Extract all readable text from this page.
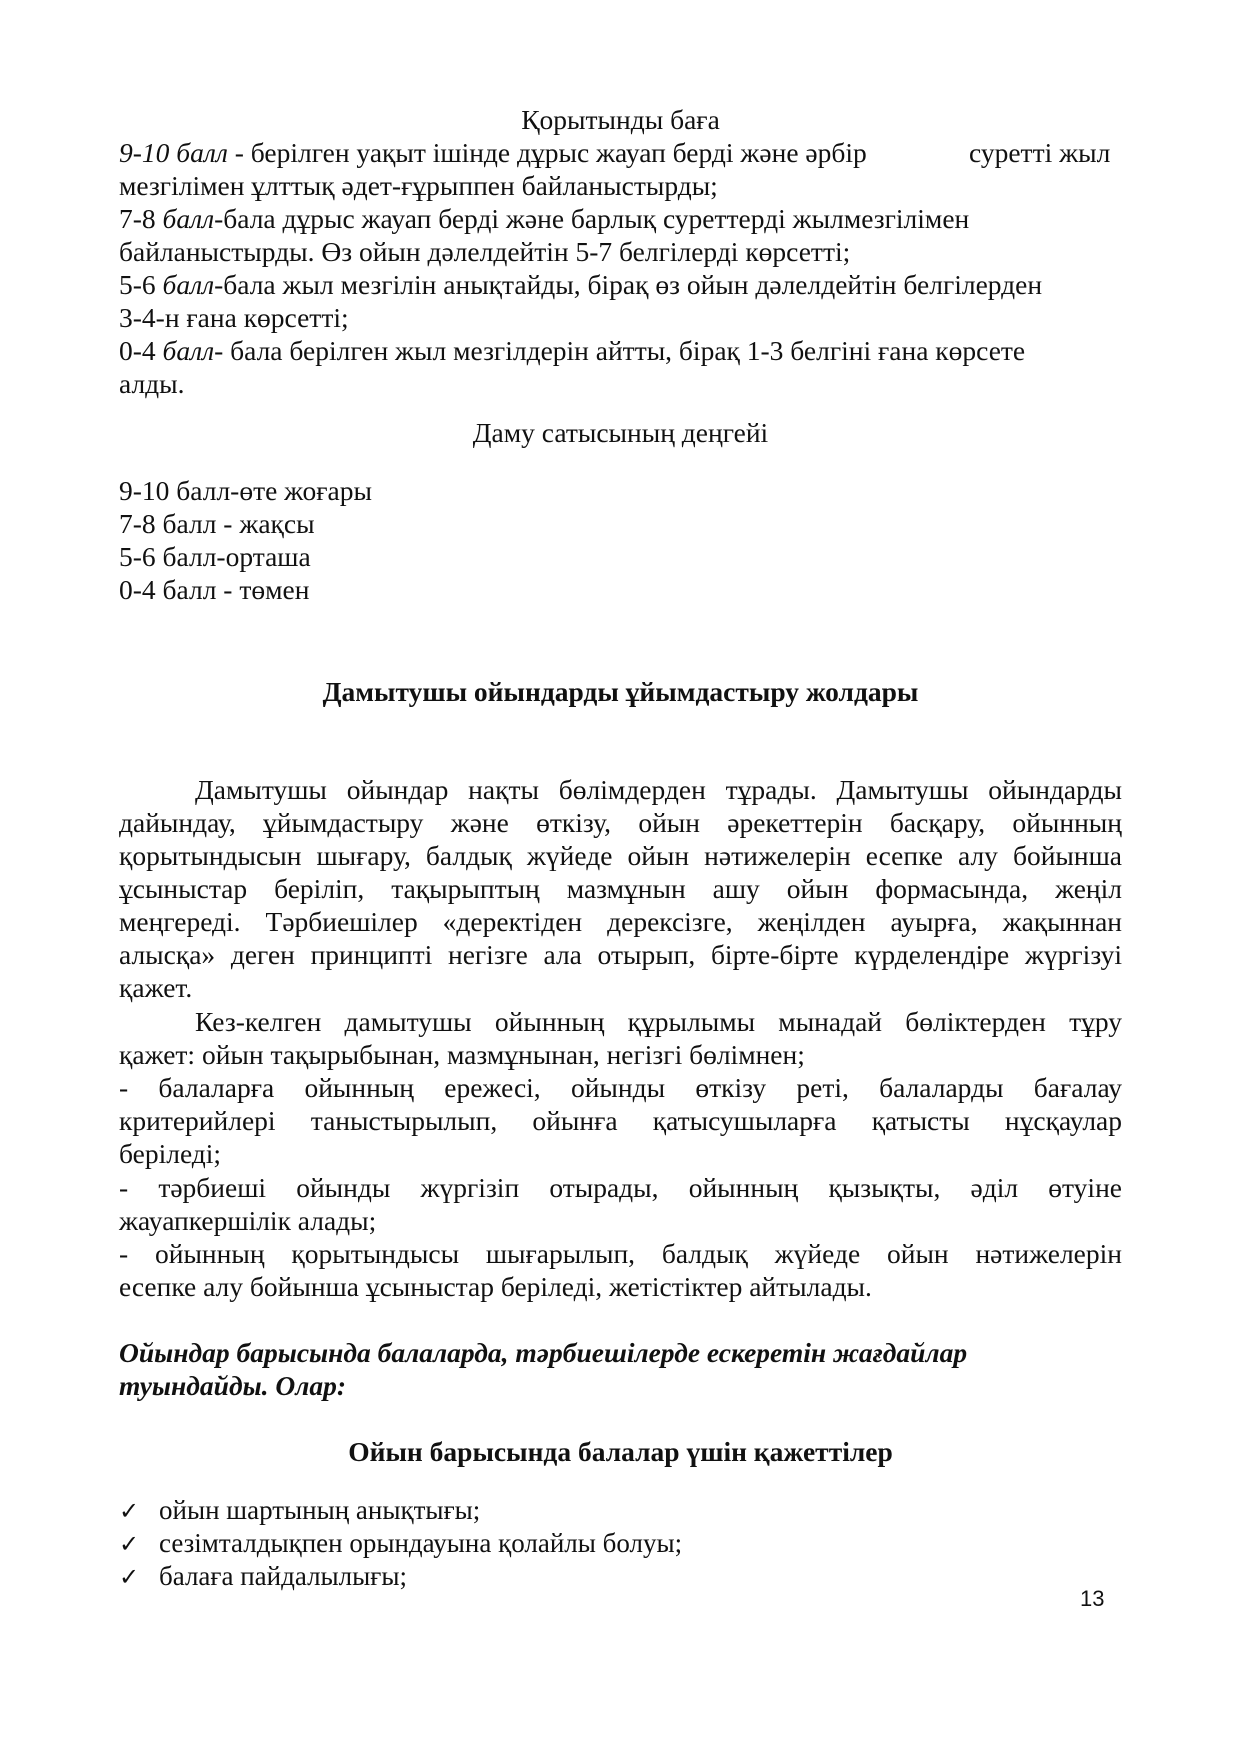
Қорытынды баға
9-10 балл - берілген уақыт ішінде дұрыс жауап берді және әрбір	суретті жыл
мезгілімен ұлттық әдет-ғұрыппен байланыстырды;
7-8 балл-бала дұрыс жауап берді және барлық суреттерді жылмезгілімен
байланыстырды. Өз ойын дәлелдейтін 5-7 белгілерді көрсетті;
5-6 балл-бала жыл мезгілін анықтайды, бірақ өз ойын дәлелдейтін белгілерден
3-4-н ғана көрсетті;
0-4 балл- бала берілген жыл мезгілдерін айтты, бірақ 1-3 белгіні ғана көрсете
алды.
Даму сатысының деңгейі
9-10 балл-өте жоғары
7-8 балл - жақсы
5-6 балл-орташа
0-4 балл - төмен
Дамытушы ойындарды ұйымдастыру жолдары
Дамытушы ойындар нақты бөлімдерден тұрады. Дамытушы ойындарды
дайындау, ұйымдастыру және өткізу, ойын әрекеттерін басқару, ойынның
қорытындысын шығару, балдық жүйеде ойын нәтижелерін есепке алу бойынша
ұсыныстар беріліп, тақырыптың мазмұнын ашу ойын формасында, жеңіл
меңгереді. Тәрбиешілер «деректіден дерексізге, жеңілден ауырға, жақыннан
алысқа» деген принципті негізге ала отырып, бірте-бірте күрделендіре жүргізуі
қажет.
Кез-келген дамытушы ойынның құрылымы мынадай бөліктерден тұру
қажет: ойын тақырыбынан, мазмұнынан, негізгі бөлімнен;
- балаларға ойынның ережесі, ойынды өткізу реті, балаларды бағалау
критерийлері таныстырылып, ойынға қатысушыларға қатысты нұсқаулар
беріледі;
- тәрбиеші ойынды жүргізіп отырады, ойынның қызықты, әділ өтуіне
жауапкершілік алады;
- ойынның қорытындысы шығарылып, балдық жүйеде ойын нәтижелерін
есепке алу бойынша ұсыныстар беріледі, жетістіктер айтылады.
Ойындар барысында балаларда, тәрбиешілерде ескеретін жағдайлар
туындайды. Олар:
Ойын барысында балалар үшін қажеттілер
✓ ойын шартының анықтығы;
✓ сезімталдықпен орындауына қолайлы болуы;
✓ балаға пайдалылығы;
13
